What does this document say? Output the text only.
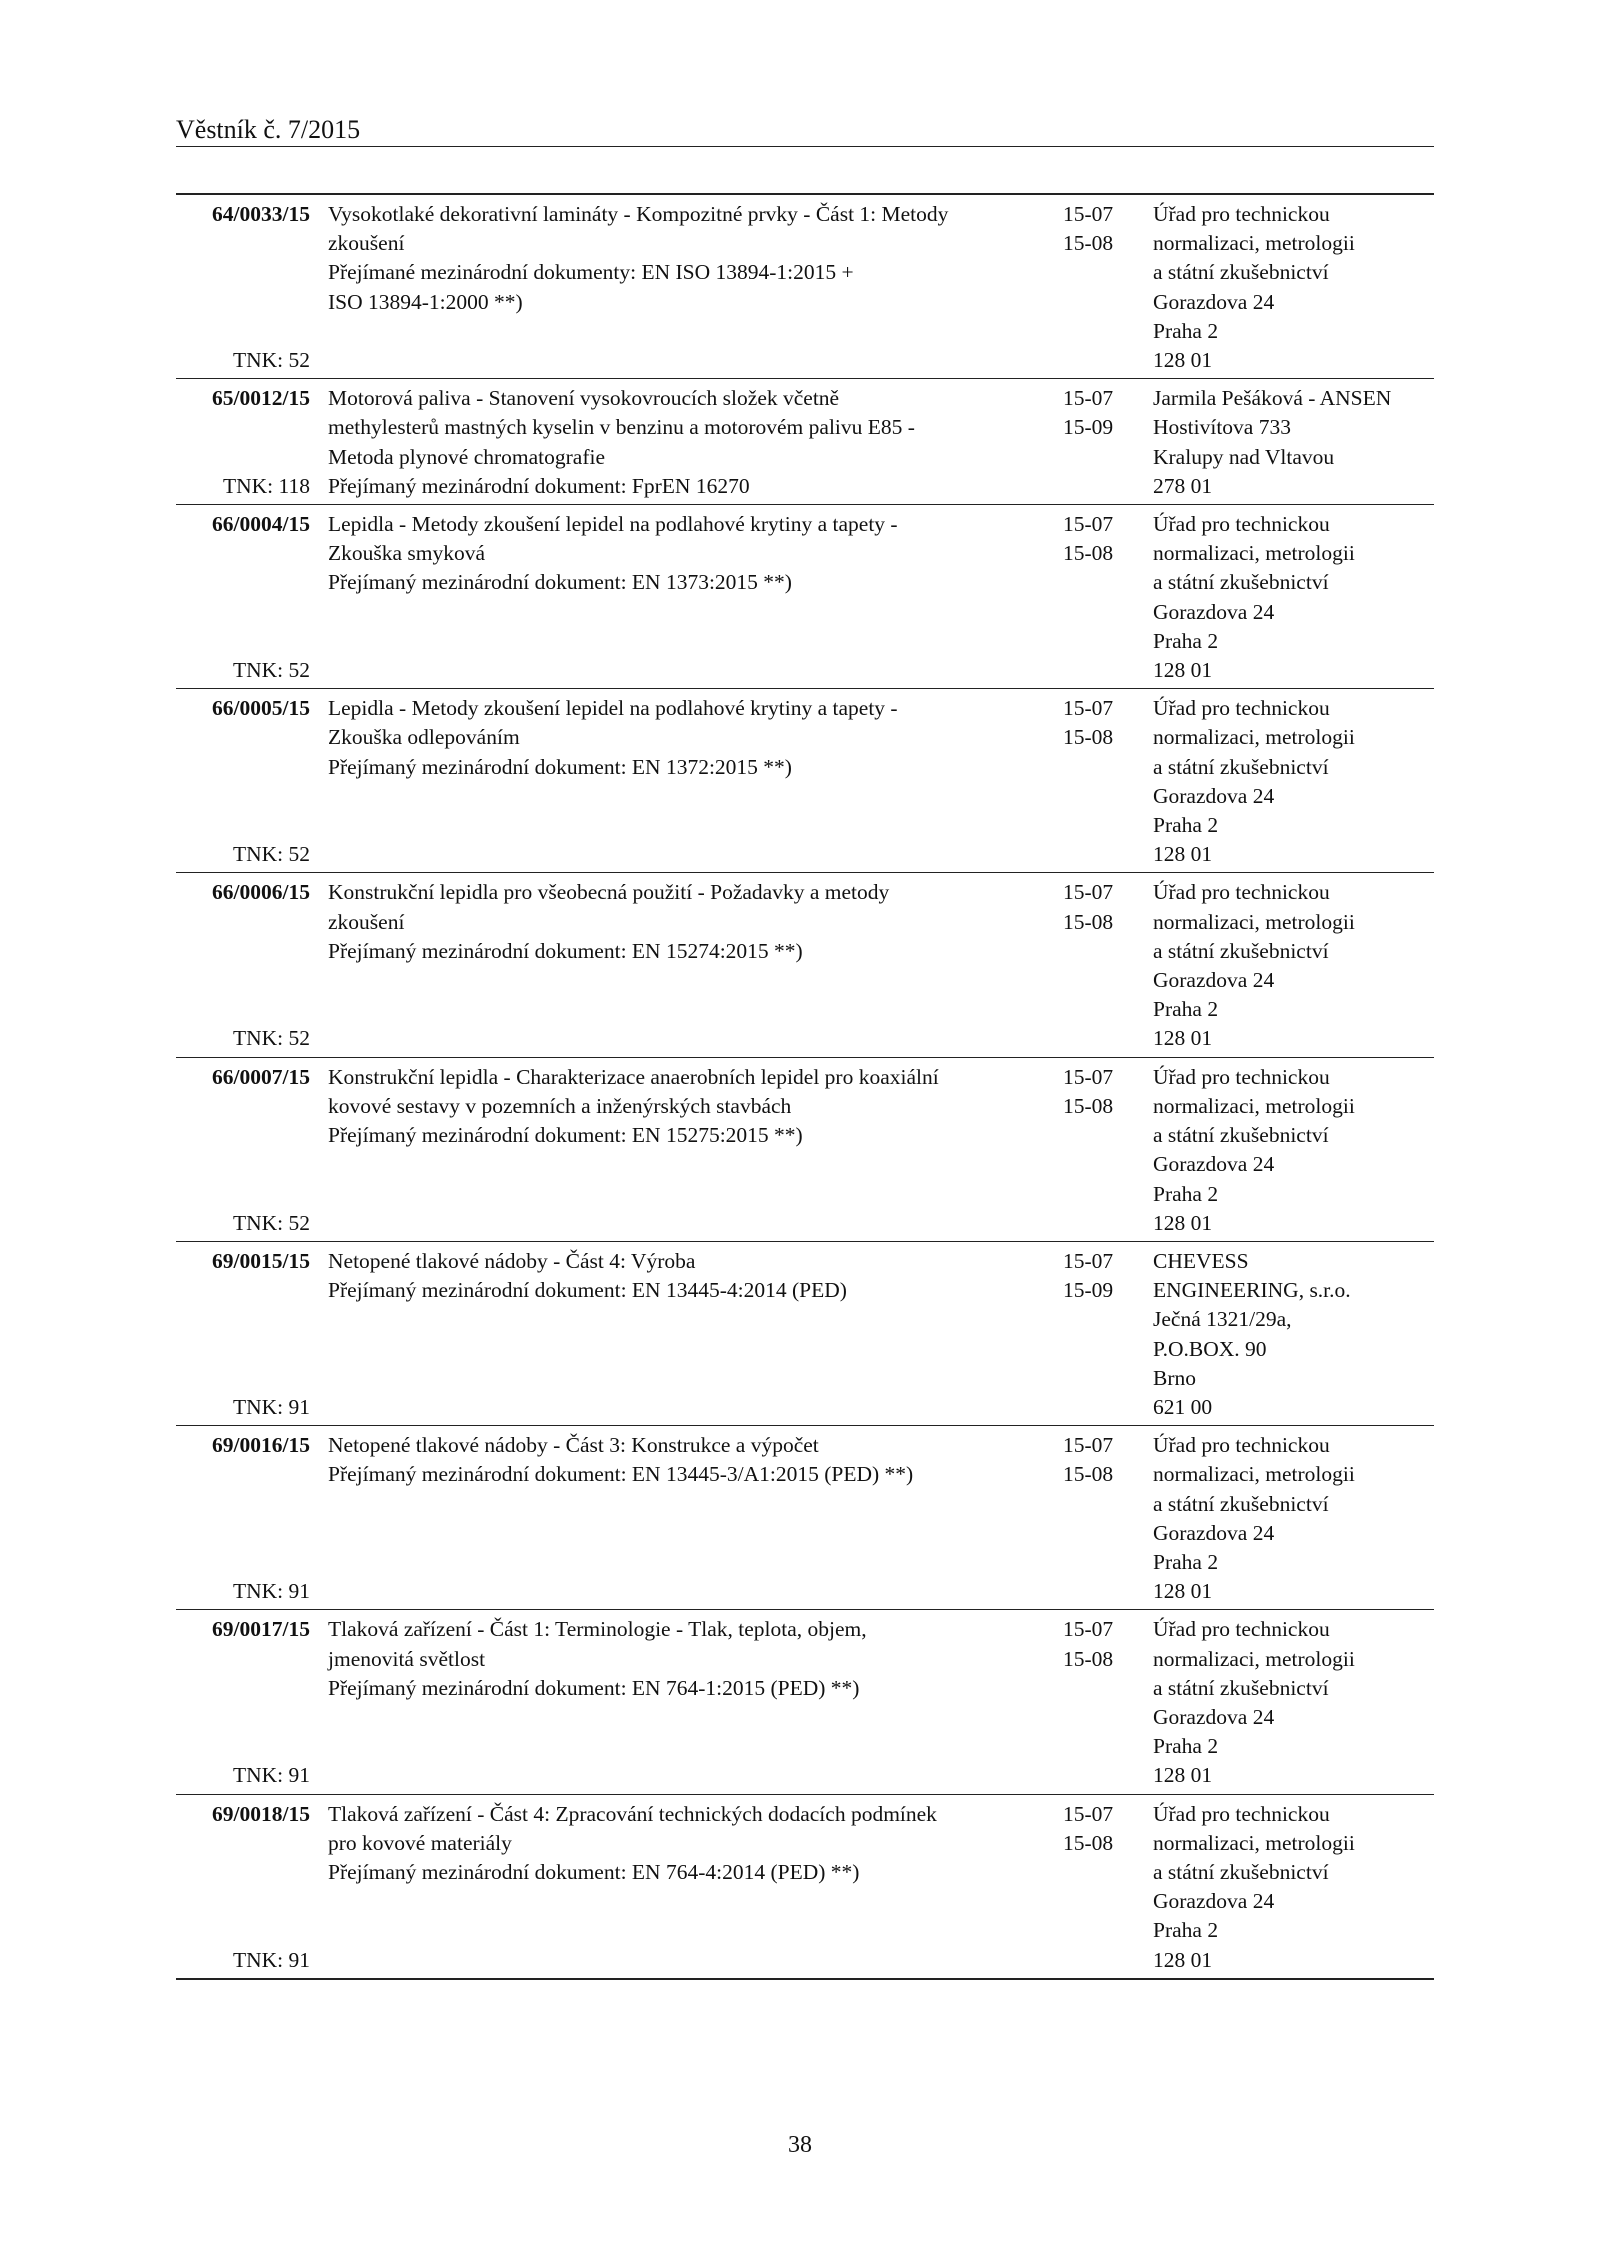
Věstník č. 7/2015
64/0033/15
TNK: 52
Vysokotlaké dekorativní lamináty - Kompozitné prvky - Část 1: Metody
zkoušení
Přejímané mezinárodní dokumenty: EN ISO 13894-1:2015 +
ISO 13894-1:2000 **)
15-07
15-08
Úřad pro technickou
normalizaci, metrologii
a státní zkušebnictví
Gorazdova 24
Praha 2
128 01
65/0012/15
TNK: 118
Motorová paliva - Stanovení vysokovroucích složek včetně
methylesterů mastných kyselin v benzinu a motorovém palivu E85 -
Metoda plynové chromatografie
Přejímaný mezinárodní dokument: FprEN 16270
15-07
15-09
Jarmila Pešáková - ANSEN
Hostivítova 733
Kralupy nad Vltavou
278 01
66/0004/15
TNK: 52
Lepidla - Metody zkoušení lepidel na podlahové krytiny a tapety -
Zkouška smyková
Přejímaný mezinárodní dokument: EN 1373:2015 **)
15-07
15-08
Úřad pro technickou
normalizaci, metrologii
a státní zkušebnictví
Gorazdova 24
Praha 2
128 01
66/0005/15
TNK: 52
Lepidla - Metody zkoušení lepidel na podlahové krytiny a tapety -
Zkouška odlepováním
Přejímaný mezinárodní dokument: EN 1372:2015 **)
15-07
15-08
Úřad pro technickou
normalizaci, metrologii
a státní zkušebnictví
Gorazdova 24
Praha 2
128 01
66/0006/15
TNK: 52
Konstrukční lepidla pro všeobecná použití - Požadavky a metody
zkoušení
Přejímaný mezinárodní dokument: EN 15274:2015 **)
15-07
15-08
Úřad pro technickou
normalizaci, metrologii
a státní zkušebnictví
Gorazdova 24
Praha 2
128 01
66/0007/15
TNK: 52
Konstrukční lepidla - Charakterizace anaerobních lepidel pro koaxiální
kovové sestavy v pozemních a inženýrských stavbách
Přejímaný mezinárodní dokument: EN 15275:2015 **)
15-07
15-08
Úřad pro technickou
normalizaci, metrologii
a státní zkušebnictví
Gorazdova 24
Praha 2
128 01
69/0015/15
TNK: 91
Netopené tlakové nádoby - Část 4: Výroba
Přejímaný mezinárodní dokument: EN 13445-4:2014 (PED)
15-07
15-09
CHEVESS
ENGINEERING, s.r.o.
Ječná 1321/29a,
P.O.BOX. 90
Brno
621 00
69/0016/15
TNK: 91
Netopené tlakové nádoby - Část 3: Konstrukce a výpočet
Přejímaný mezinárodní dokument: EN 13445-3/A1:2015 (PED) **)
15-07
15-08
Úřad pro technickou
normalizaci, metrologii
a státní zkušebnictví
Gorazdova 24
Praha 2
128 01
69/0017/15
TNK: 91
Tlaková zařízení - Část 1: Terminologie - Tlak, teplota, objem,
jmenovitá světlost
Přejímaný mezinárodní dokument: EN 764-1:2015 (PED) **)
15-07
15-08
Úřad pro technickou
normalizaci, metrologii
a státní zkušebnictví
Gorazdova 24
Praha 2
128 01
69/0018/15
TNK: 91
Tlaková zařízení - Část 4: Zpracování technických dodacích podmínek
pro kovové materiály
Přejímaný mezinárodní dokument: EN 764-4:2014 (PED) **)
15-07
15-08
Úřad pro technickou
normalizaci, metrologii
a státní zkušebnictví
Gorazdova 24
Praha 2
128 01
38
